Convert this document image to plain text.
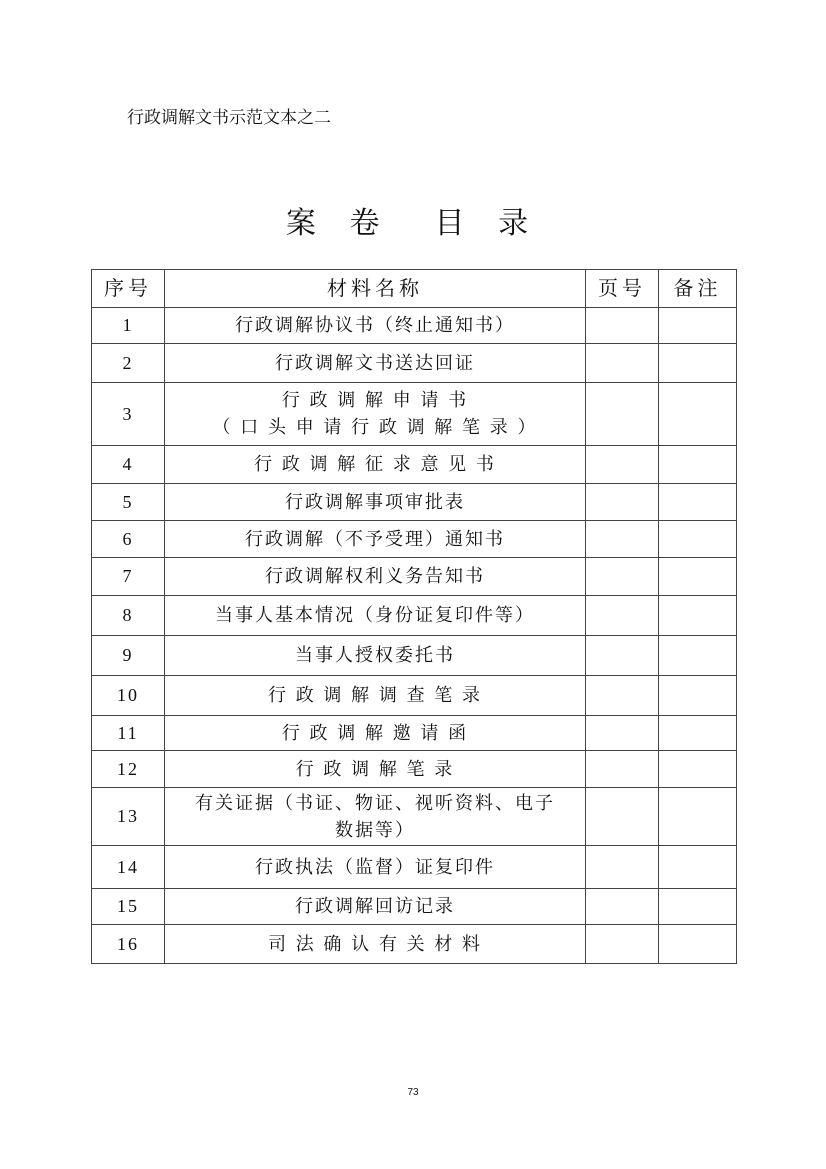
行政调解文书示范文本之二
案 卷  目 录
序号	材料名称	页号	备注
1	行政调解协议书（终止通知书）		
2	行政调解文书送达回证		
3	行 政 调 解 申 请 书
（ 口 头 申 请 行 政 调 解 笔 录 ）		
4	行 政 调 解 征 求 意 见 书		
5	行政调解事项审批表		
6	行政调解（不予受理）通知书		
7	行政调解权利义务告知书		
8	当事人基本情况（身份证复印件等）		
9	当事人授权委托书		
10	行 政 调 解 调 查 笔 录		
11	行 政 调 解 邀 请 函		
12	行 政 调 解 笔 录		
13	有关证据（书证、物证、视听资料、电子
数据等）		
14	行政执法（监督）证复印件		
15	行政调解回访记录		
16	司 法 确 认 有 关 材 料		
73
